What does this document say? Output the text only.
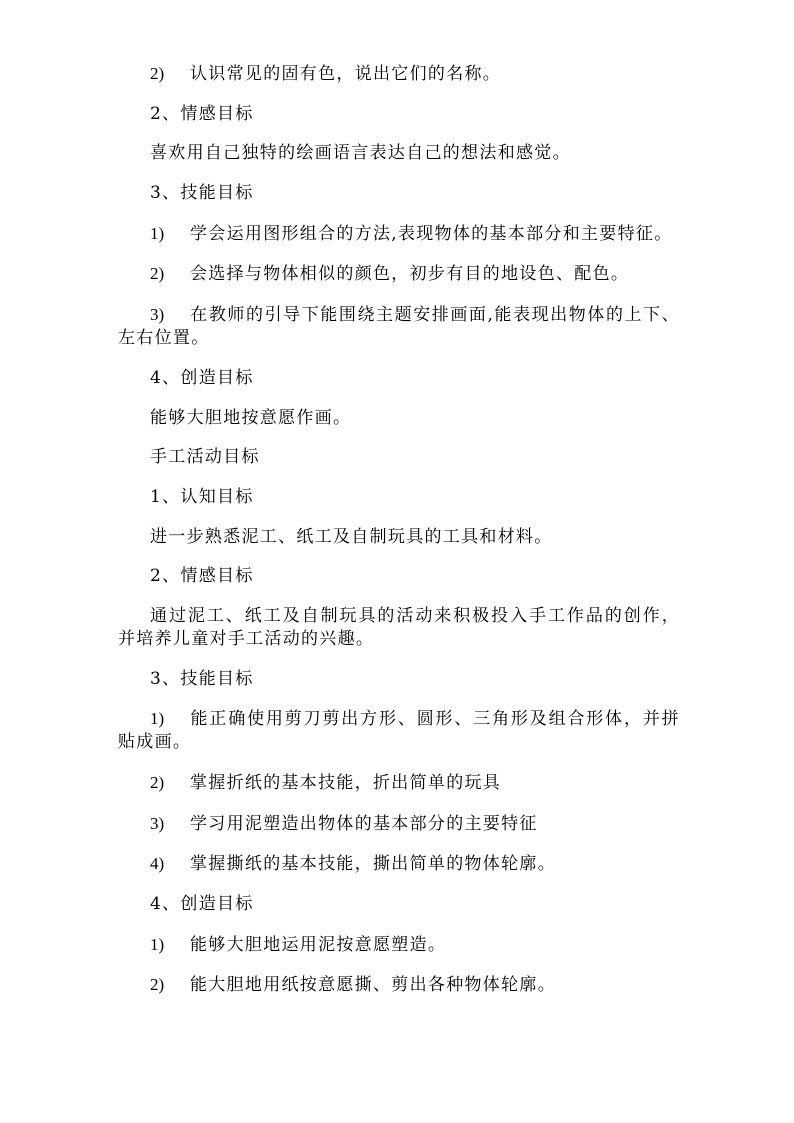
2) 认识常见的固有色，说出它们的名称。

2、情感目标

喜欢用自己独特的绘画语言表达自己的想法和感觉。

3、技能目标

1) 学会运用图形组合的方法,表现物体的基本部分和主要特征。

2) 会选择与物体相似的颜色，初步有目的地设色、配色。

3) 在教师的引导下能围绕主题安排画面,能表现出物体的上下、
左右位置。

4、创造目标

能够大胆地按意愿作画。

手工活动目标

1、认知目标

进一步熟悉泥工、纸工及自制玩具的工具和材料。

2、情感目标

通过泥工、纸工及自制玩具的活动来积极投入手工作品的创作，
并培养儿童对手工活动的兴趣。

3、技能目标

1) 能正确使用剪刀剪出方形、圆形、三角形及组合形体，并拼
贴成画。

2) 掌握折纸的基本技能，折出简单的玩具

3) 学习用泥塑造出物体的基本部分的主要特征

4) 掌握撕纸的基本技能，撕出简单的物体轮廓。

4、创造目标

1) 能够大胆地运用泥按意愿塑造。

2) 能大胆地用纸按意愿撕、剪出各种物体轮廓。
